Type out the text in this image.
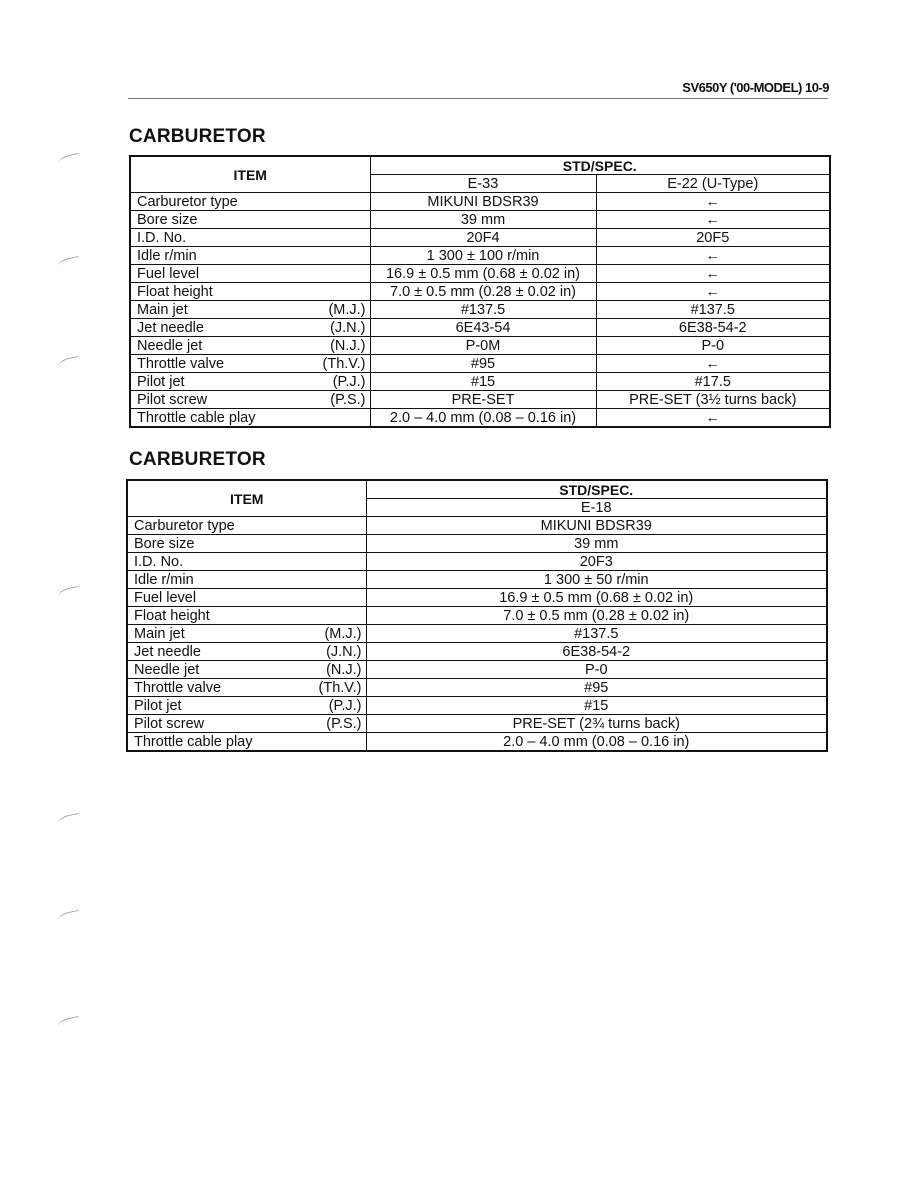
SV650Y ('00-MODEL) 10-9
CARBURETOR
ITEM	STD/SPEC.	
	E-33	E-22 (U-Type)

Carburetor type	MIKUNI BDSR39	←

Bore size	39 mm	←

I.D. No.	20F4	20F5

Idle r/min	1 300 ± 100 r/min	←

Fuel level	16.9 ± 0.5 mm (0.68 ± 0.02 in)	←

Float height	7.0 ± 0.5 mm (0.28 ± 0.02 in)	←

Main jet (M.J.)	#137.5	#137.5

Jet needle (J.N.)	6E43-54	6E38-54-2

Needle jet (N.J.)	P-0M	P-0

Throttle valve (Th.V.)	#95	←

Pilot jet (P.J.)	#15	#17.5

Pilot screw (P.S.)	PRE-SET	PRE-SET (3½ turns back)

Throttle cable play	2.0 – 4.0 mm (0.08 – 0.16 in)	←
CARBURETOR
ITEM	STD/SPEC.
	E-18

Carburetor type	MIKUNI BDSR39

Bore size	39 mm

I.D. No.	20F3

Idle r/min	1 300 ± 50 r/min

Fuel level	16.9 ± 0.5 mm (0.68 ± 0.02 in)

Float height	7.0 ± 0.5 mm (0.28 ± 0.02 in)

Main jet (M.J.)	#137.5

Jet needle (J.N.)	6E38-54-2

Needle jet (N.J.)	P-0

Throttle valve (Th.V.)	#95

Pilot jet (P.J.)	#15

Pilot screw (P.S.)	PRE-SET (2¾ turns back)

Throttle cable play	2.0 – 4.0 mm (0.08 – 0.16 in)
